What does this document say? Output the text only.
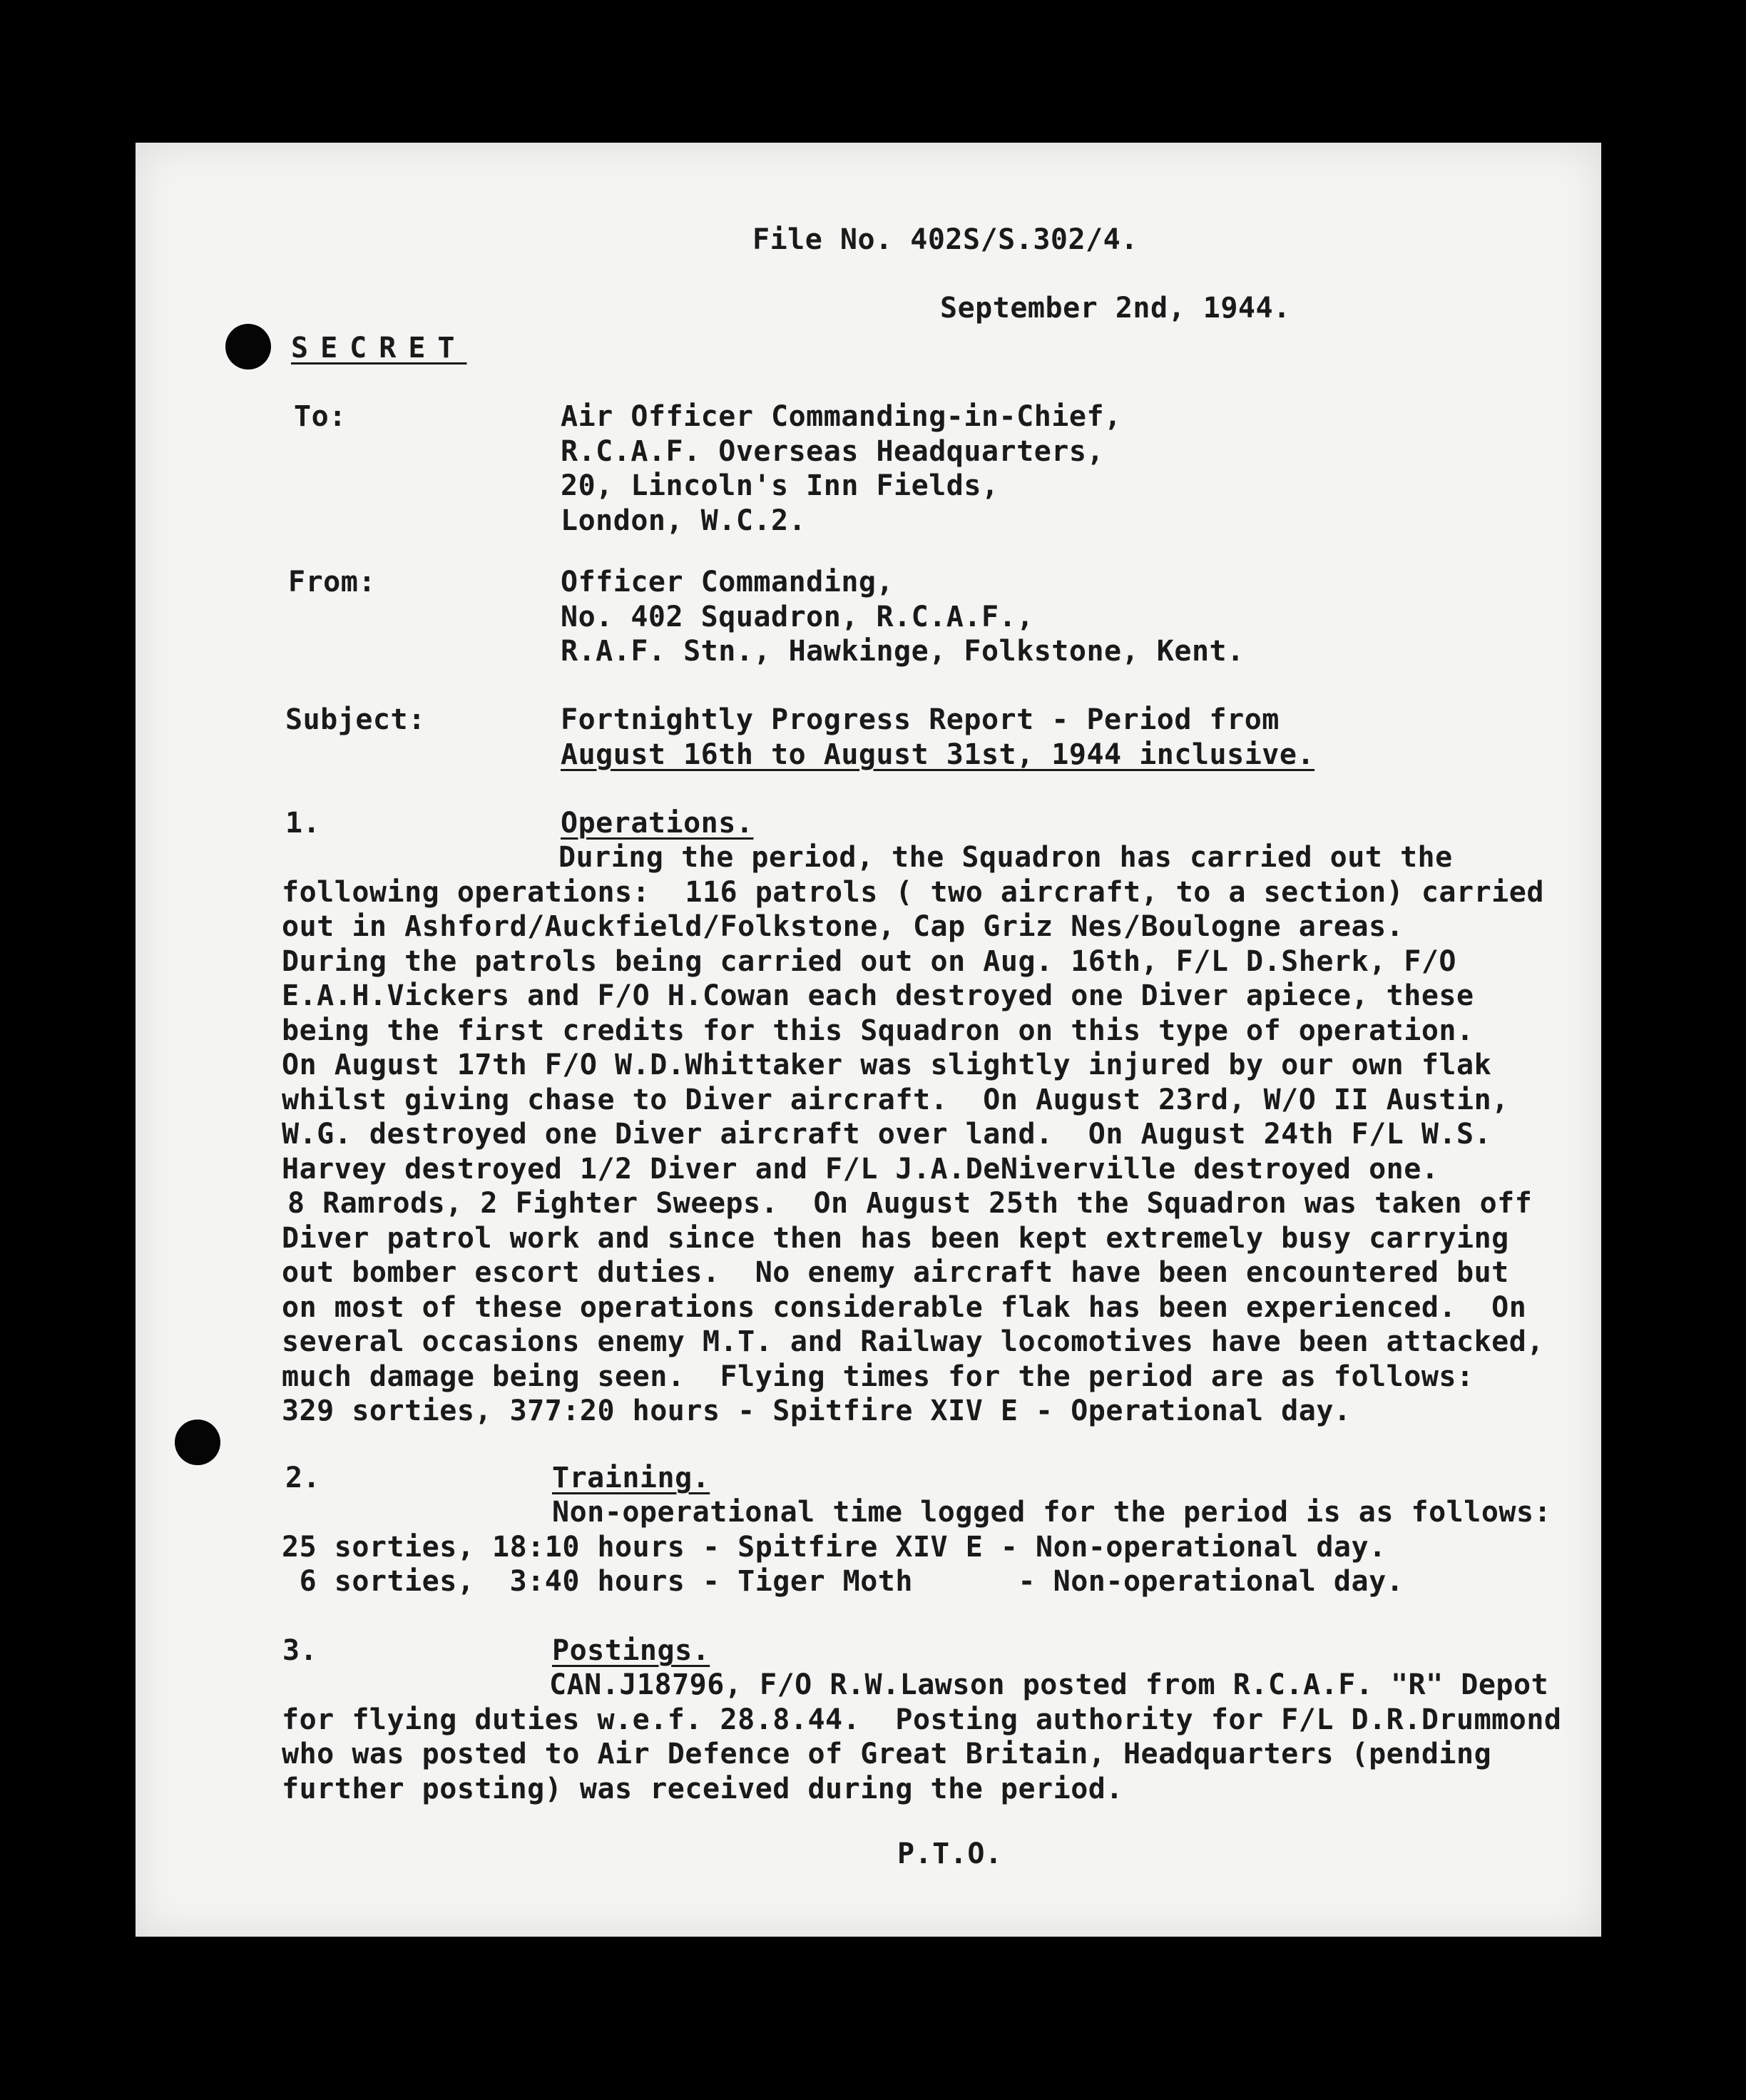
File No. 402S/S.302/4.
September 2nd, 1944.
SECRET
To:	Air Officer Commanding-in-Chief,
R.C.A.F. Overseas Headquarters,
20, Lincoln's Inn Fields,
London, W.C.2.
From:	Officer Commanding,
No. 402 Squadron, R.C.A.F.,
R.A.F. Stn., Hawkinge, Folkstone, Kent.
Subject:	Fortnightly Progress Report - Period from
August 16th to August 31st, 1944 inclusive.
1.	Operations.
During the period, the Squadron has carried out the
following operations:  116 patrols ( two aircraft, to a section) carried
out in Ashford/Auckfield/Folkstone, Cap Griz Nes/Boulogne areas.
During the patrols being carried out on Aug. 16th, F/L D.Sherk, F/O
E.A.H.Vickers and F/O H.Cowan each destroyed one Diver apiece, these
being the first credits for this Squadron on this type of operation.
On August 17th F/O W.D.Whittaker was slightly injured by our own flak
whilst giving chase to Diver aircraft.  On August 23rd, W/O II Austin,
W.G. destroyed one Diver aircraft over land.  On August 24th F/L W.S.
Harvey destroyed 1/2 Diver and F/L J.A.DeNiverville destroyed one.
8 Ramrods, 2 Fighter Sweeps.  On August 25th the Squadron was taken off
Diver patrol work and since then has been kept extremely busy carrying
out bomber escort duties.  No enemy aircraft have been encountered but
on most of these operations considerable flak has been experienced.  On
several occasions enemy M.T. and Railway locomotives have been attacked,
much damage being seen.  Flying times for the period are as follows:
329 sorties, 377:20 hours - Spitfire XIV E - Operational day.
2.	Training.
Non-operational time logged for the period is as follows:
25 sorties, 18:10 hours - Spitfire XIV E - Non-operational day.
6 sorties,  3:40 hours - Tiger Moth      - Non-operational day.
3.	Postings.
CAN.J18796, F/O R.W.Lawson posted from R.C.A.F. "R" Depot
for flying duties w.e.f. 28.8.44.  Posting authority for F/L D.R.Drummond
who was posted to Air Defence of Great Britain, Headquarters (pending
further posting) was received during the period.
P.T.O.
